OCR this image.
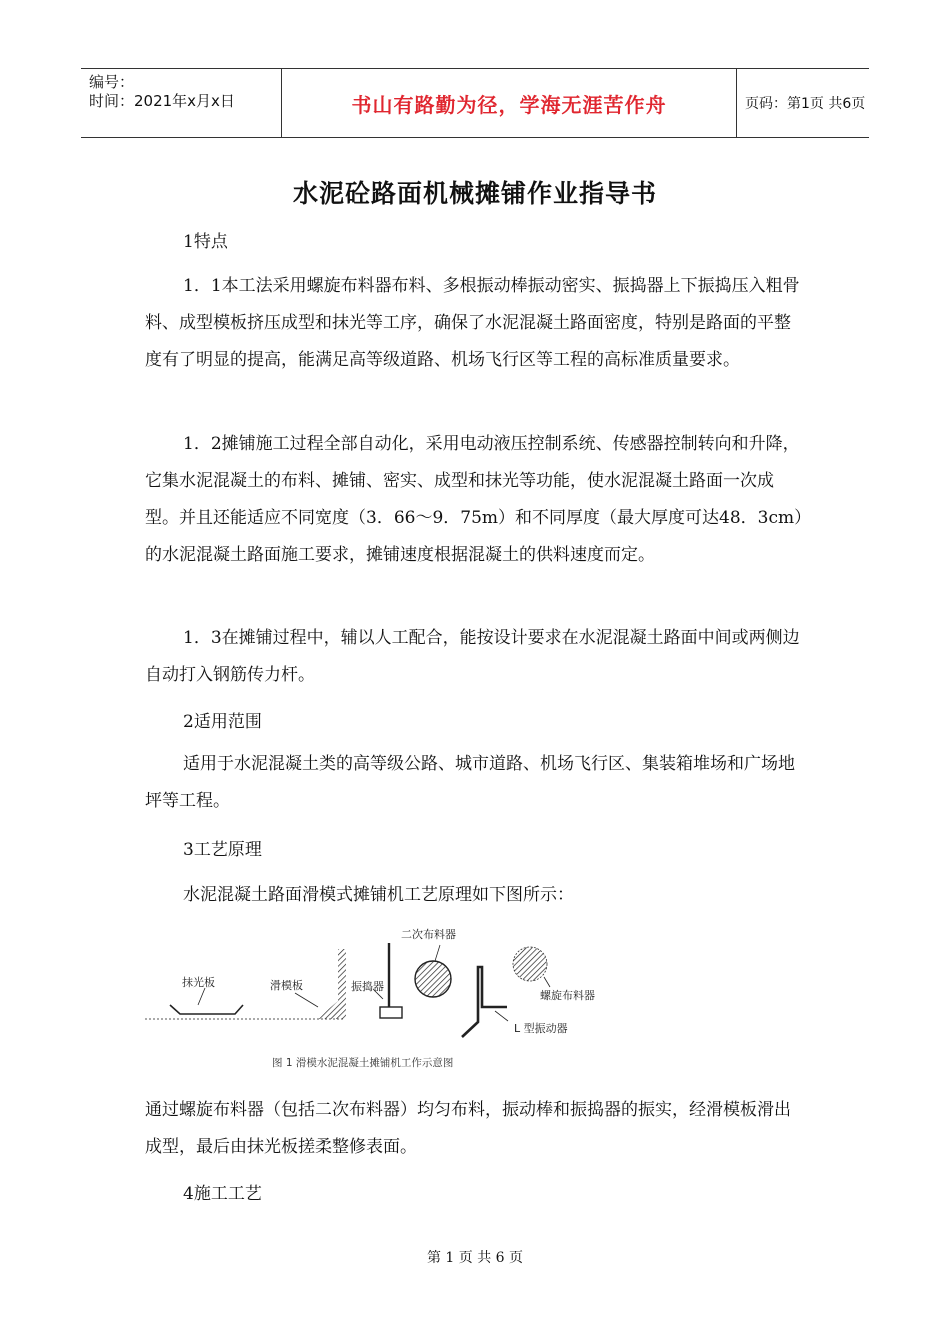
编号：
时间：2021年x月x日	书山有路勤为径，学海无涯苦作舟	页码：第1页 共6页
水泥砼路面机械摊铺作业指导书
1特点

1．1本工法采用螺旋布料器布料、多根振动棒振动密实、振捣器上下振捣压入粗骨料、成型模板挤压成型和抹光等工序，确保了水泥混凝土路面密度，特别是路面的平整度有了明显的提高，能满足高等级道路、机场飞行区等工程的高标准质量要求。

1．2摊铺施工过程全部自动化，采用电动液压控制系统、传感器控制转向和升降，它集水泥混凝土的布料、摊铺、密实、成型和抹光等功能，使水泥混凝土路面一次成型。并且还能适应不同宽度（3．66～9．75m）和不同厚度（最大厚度可达48．3cm）的水泥混凝土路面施工要求，摊铺速度根据混凝土的供料速度而定。

1．3在摊铺过程中，辅以人工配合，能按设计要求在水泥混凝土路面中间或两侧边自动打入钢筋传力杆。

2适用范围

适用于水泥混凝土类的高等级公路、城市道路、机场飞行区、集装箱堆场和广场地坪等工程。

3工艺原理
水泥混凝土路面滑模式摊铺机工艺原理如下图所示：
抹光板	滑模板	振捣器
二次布料器
L 型振动器
螺旋布料器
图 1 滑模水泥混凝土摊铺机工作示意图

通过螺旋布料器（包括二次布料器）均匀布料，振动棒和振捣器的振实，经滑模板滑出成型，最后由抹光板搓柔整修表面。

4施工工艺
第 1 页 共 6 页
